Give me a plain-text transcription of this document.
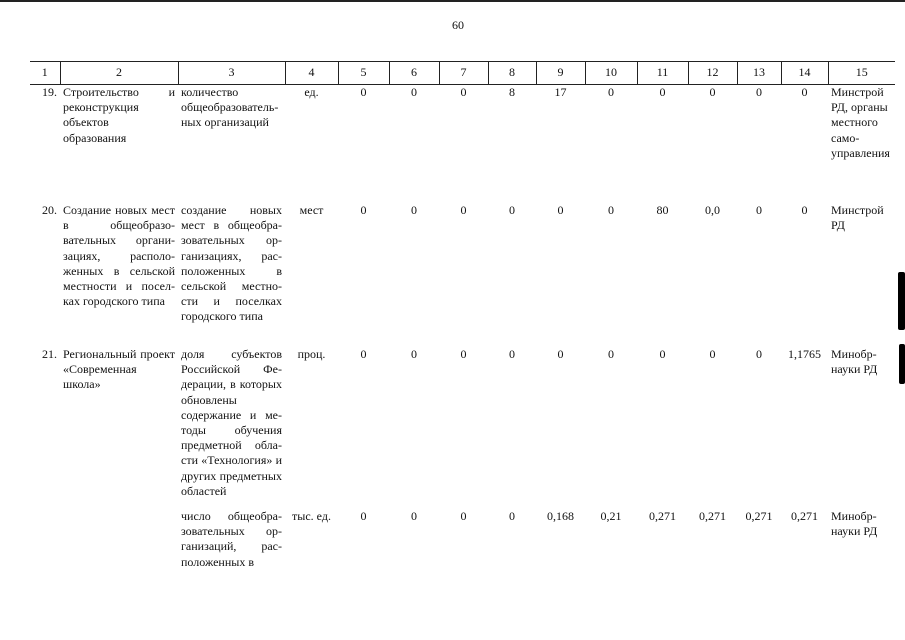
60
1	2	3	4	5	6	7	8	9	10	11	12	13	14	15
19.	Строительство и реконструкция объектов образования	количество общеобразовательных организаций	ед.	0	0	0	8	17	0	0	0	0	0	Минстрой РД, органы местного самоуправления
20.	Создание новых мест в общеобразовательных организациях, расположенных в сельской местности и поселках городского типа	создание новых мест в общеобразовательных организациях, расположенных в сельской местности и поселках городского типа	мест	0	0	0	0	0	0	80	0,0	0	0	Минстрой РД
21.	Региональный проект «Современная школа»	доля субъектов Российской Федерации, в которых обновлены содержание и методы обучения предметной области «Технология» и других предметных областей	проц.	0	0	0	0	0	0	0	0	0	1,1765	Минобрнауки РД
		число общеобразовательных организаций, расположенных в	тыс. ед.	0	0	0	0	0,168	0,21	0,271	0,271	0,271	0,271	Минобрнауки РД
